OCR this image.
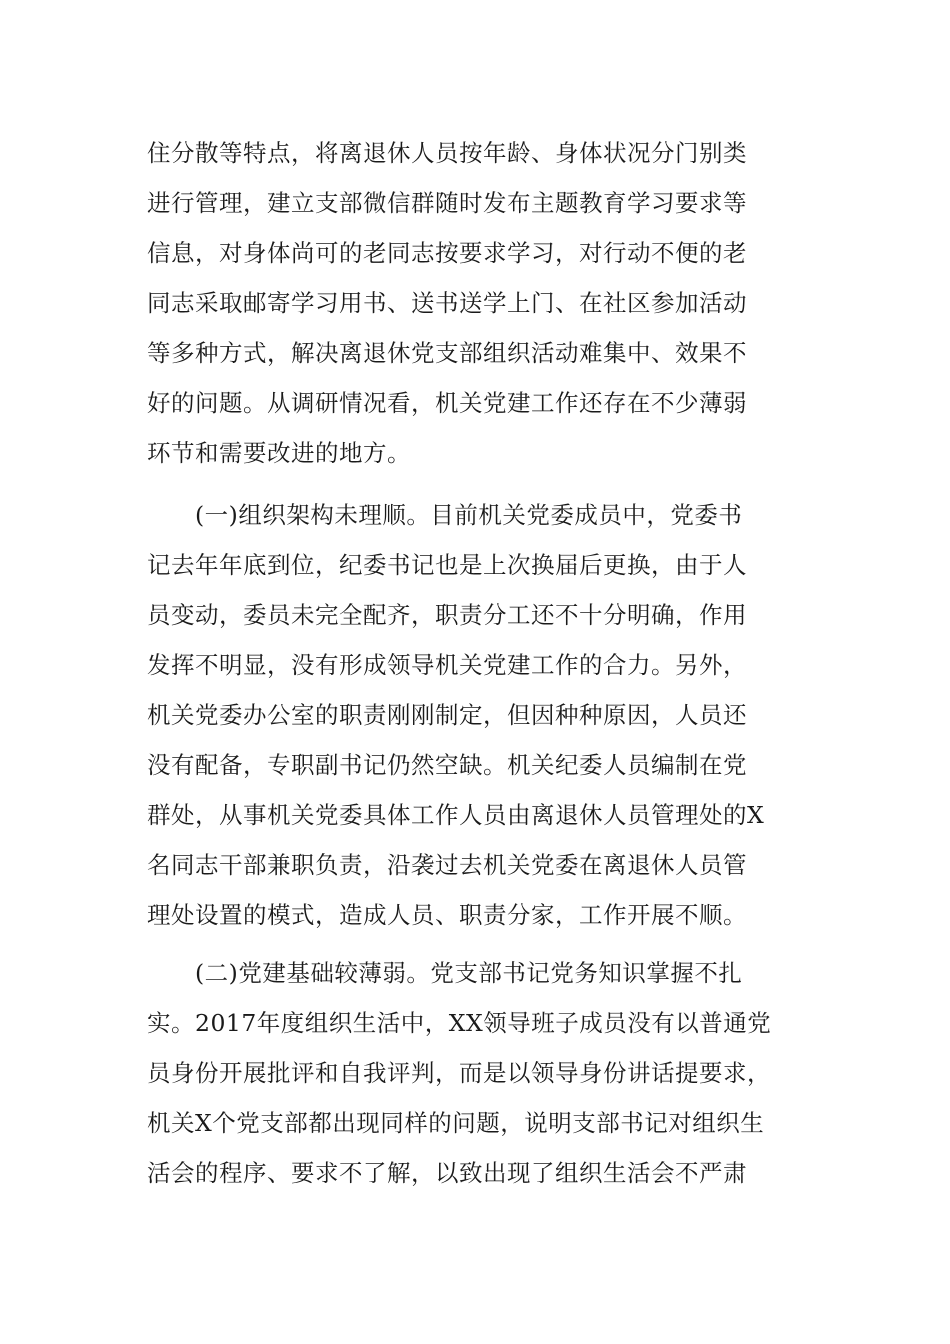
住分散等特点，将离退休人员按年龄、身体状况分门别类
进行管理，建立支部微信群随时发布主题教育学习要求等
信息，对身体尚可的老同志按要求学习，对行动不便的老
同志采取邮寄学习用书、送书送学上门、在社区参加活动
等多种方式，解决离退休党支部组织活动难集中、效果不
好的问题。从调研情况看，机关党建工作还存在不少薄弱
环节和需要改进的地方。
　　(一)组织架构未理顺。目前机关党委成员中，党委书
记去年年底到位，纪委书记也是上次换届后更换，由于人
员变动，委员未完全配齐，职责分工还不十分明确，作用
发挥不明显，没有形成领导机关党建工作的合力。另外，
机关党委办公室的职责刚刚制定，但因种种原因，人员还
没有配备，专职副书记仍然空缺。机关纪委人员编制在党
群处，从事机关党委具体工作人员由离退休人员管理处的X
名同志干部兼职负责，沿袭过去机关党委在离退休人员管
理处设置的模式，造成人员、职责分家，工作开展不顺。
　　(二)党建基础较薄弱。党支部书记党务知识掌握不扎
实。2017年度组织生活中，XX领导班子成员没有以普通党
员身份开展批评和自我评判，而是以领导身份讲话提要求，
机关X个党支部都出现同样的问题，说明支部书记对组织生
活会的程序、要求不了解，以致出现了组织生活会不严肃
